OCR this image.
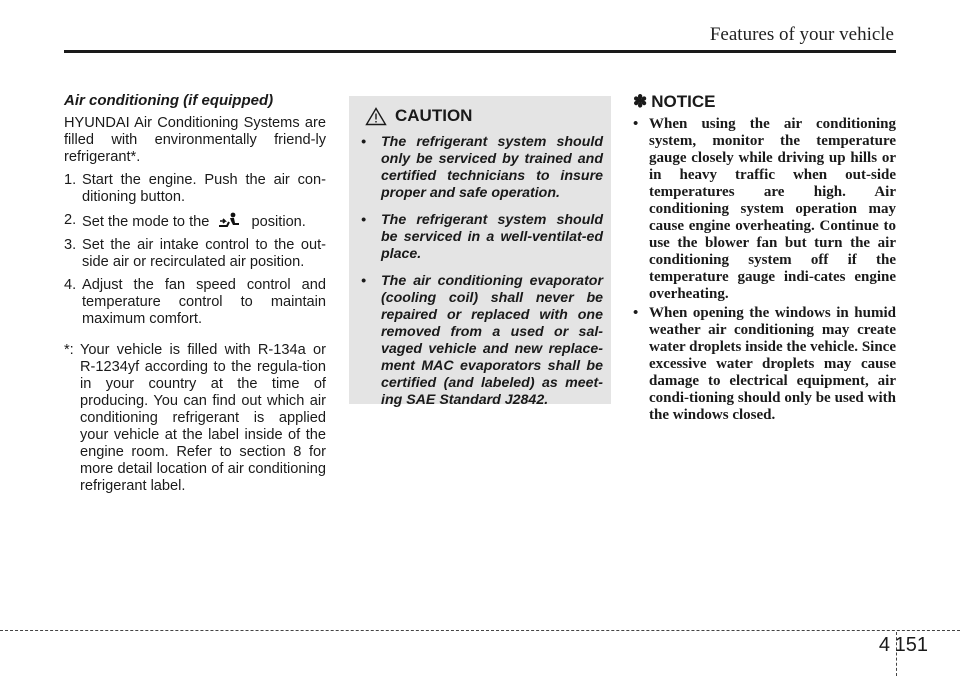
Features of your vehicle
Air conditioning (if equipped)

HYUNDAI Air Conditioning Systems are filled with environmentally friend-ly refrigerant*.

1. Start the engine. Push the air con-ditioning button.
2. Set the mode to the	position.
3. Set the air intake control to the out-side air or recirculated air position.
4. Adjust the fan speed control and temperature control to maintain maximum comfort.
*: Your vehicle is filled with R-134a or R-1234yf according to the regula-tion in your country at the time of producing. You can find out which air conditioning refrigerant is applied your vehicle at the label inside of the engine room. Refer to section 8 for more detail location of air conditioning refrigerant label.
CAUTION
• The refrigerant system should only be serviced by trained and certified technicians to insure proper and safe operation.
• The refrigerant system should be serviced in a well-ventilat-ed place.
• The air conditioning evaporator (cooling coil) shall never be repaired or replaced with one removed from a used or sal-vaged vehicle and new replace-ment MAC evaporators shall be certified (and labeled) as meet-ing SAE Standard J2842.
✽ NOTICE
• When using the air conditioning system, monitor the temperature gauge closely while driving up hills or in heavy traffic when out-side temperatures are high. Air conditioning system operation may cause engine overheating. Continue to use the blower fan but turn the air conditioning system off if the temperature gauge indi-cates engine overheating.
• When opening the windows in humid weather air conditioning may create water droplets inside the vehicle. Since excessive water droplets may cause damage to electrical equipment, air condi-tioning should only be used with the windows closed.
4 151
